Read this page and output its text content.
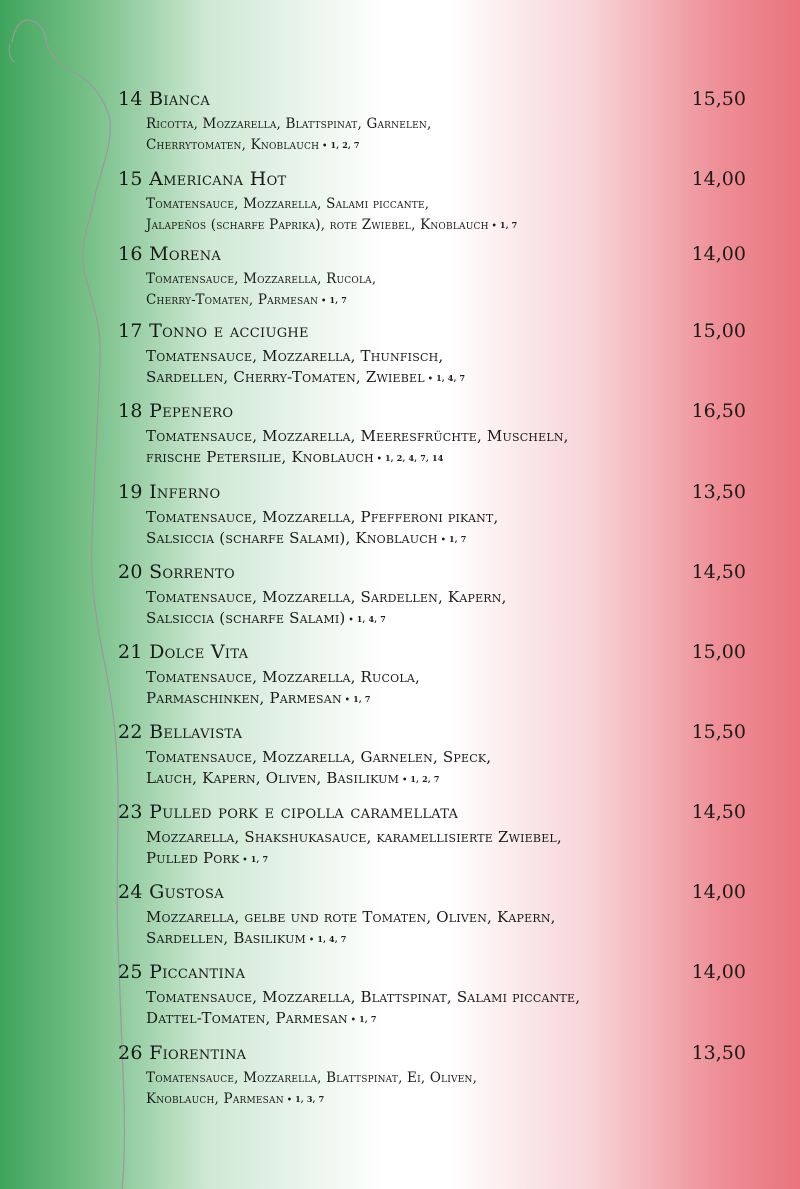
14 Bianca	15,50
Ricotta, Mozzarella, Blattspinat, Garnelen,
Cherrytomaten, Knoblauch • 1, 2, 7
15 Americana Hot	14,00
Tomatensauce, Mozzarella, Salami piccante,
Jalapeños (scharfe Paprika), rote Zwiebel, Knoblauch • 1, 7
16 Morena	14,00
Tomatensauce, Mozzarella, Rucola,
Cherry-Tomaten, Parmesan • 1, 7
17 Tonno e acciughe	15,00
Tomatensauce, Mozzarella, Thunfisch,
Sardellen, Cherry-Tomaten, Zwiebel • 1, 4, 7
18 Pepenero	16,50
Tomatensauce, Mozzarella, Meeresfrüchte, Muscheln,
frische Petersilie, Knoblauch • 1, 2, 4, 7, 14
19 Inferno	13,50
Tomatensauce, Mozzarella, Pfefferoni pikant,
Salsiccia (scharfe Salami), Knoblauch • 1, 7
20 Sorrento	14,50
Tomatensauce, Mozzarella, Sardellen, Kapern,
Salsiccia (scharfe Salami) • 1, 4, 7
21 Dolce Vita	15,00
Tomatensauce, Mozzarella, Rucola,
Parmaschinken, Parmesan • 1, 7
22 Bellavista	15,50
Tomatensauce, Mozzarella, Garnelen, Speck,
Lauch, Kapern, Oliven, Basilikum • 1, 2, 7
23 Pulled pork e cipolla caramellata	14,50
Mozzarella, Shakshukasauce, karamellisierte Zwiebel,
Pulled Pork • 1, 7
24 Gustosa	14,00
Mozzarella, gelbe und rote Tomaten, Oliven, Kapern,
Sardellen, Basilikum • 1, 4, 7
25 Piccantina	14,00
Tomatensauce, Mozzarella, Blattspinat, Salami piccante,
Dattel-Tomaten, Parmesan • 1, 7
26 Fiorentina	13,50
Tomatensauce, Mozzarella, Blattspinat, Ei, Oliven,
Knoblauch, Parmesan • 1, 3, 7
